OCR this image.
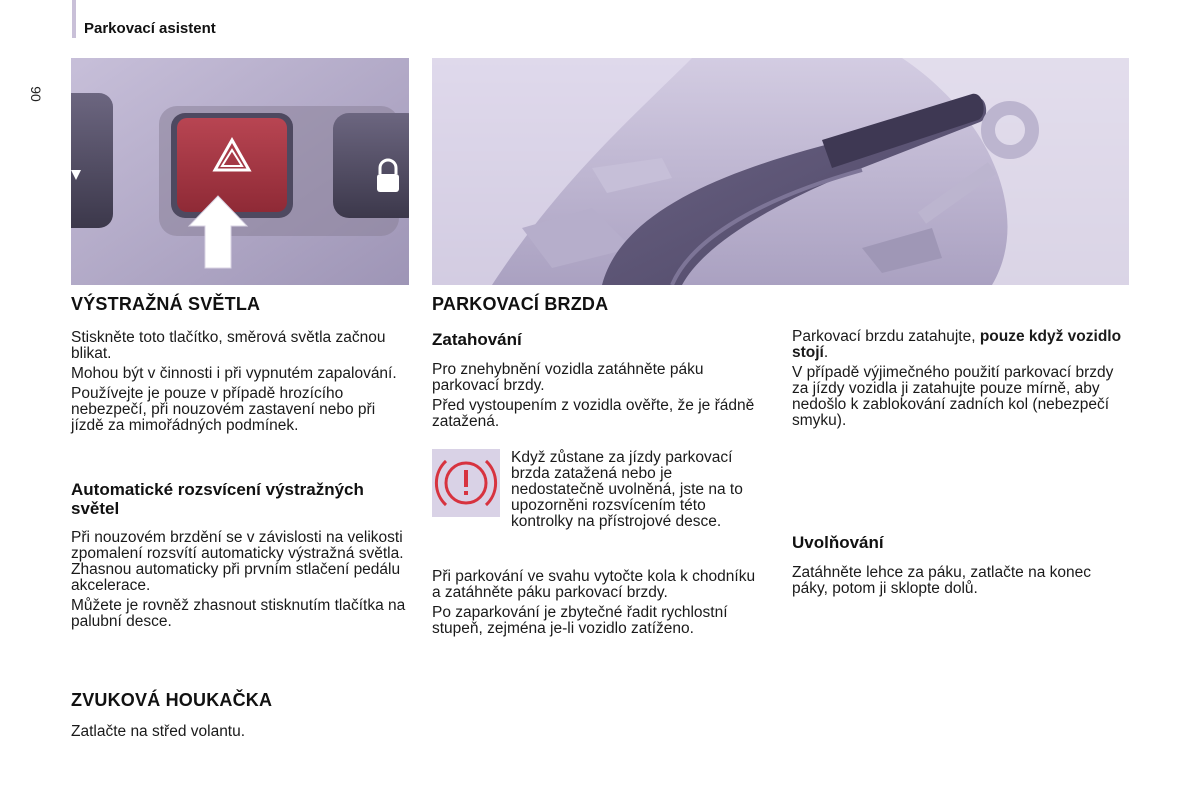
Parkovací asistent
90
VÝSTRAŽNÁ SVĚTLA
Stiskněte toto tlačítko, směrová světla začnou blikat.
Mohou být v činnosti i při vypnutém zapalování.
Používejte je pouze v případě hrozícího nebezpečí, při nouzovém zastavení nebo při jízdě za mimořádných podmínek.
Automatické rozsvícení výstražných světel
Při nouzovém brzdění se v závislosti na velikosti zpomalení rozsvítí automaticky výstražná světla. Zhasnou automaticky při prvním stlačení pedálu akcelerace.
Můžete je rovněž zhasnout stisknutím tlačítka na palubní desce.
ZVUKOVÁ HOUKAČKA
Zatlačte na střed volantu.
PARKOVACÍ BRZDA
Zatahování
Pro znehybnění vozidla zatáhněte páku parkovací brzdy.
Před vystoupením z vozidla ověřte, že je řádně zatažená.
Když zůstane za jízdy parkovací brzda zatažená nebo je nedostatečně uvolněná, jste na to upozorněni rozsvícením této kontrolky na přístrojové desce.
Při parkování ve svahu vytočte kola k chodníku a zatáhněte páku parkovací brzdy.
Po zaparkování je zbytečné řadit rychlostní stupeň, zejména je-li vozidlo zatíženo.
Parkovací brzdu zatahujte, pouze když vozidlo stojí.
V případě výjimečného použití parkovací brzdy za jízdy vozidla ji zatahujte pouze mírně, aby nedošlo k zablokování zadních kol (nebezpečí smyku).
Uvolňování
Zatáhněte lehce za páku, zatlačte na konec páky, potom ji sklopte dolů.
